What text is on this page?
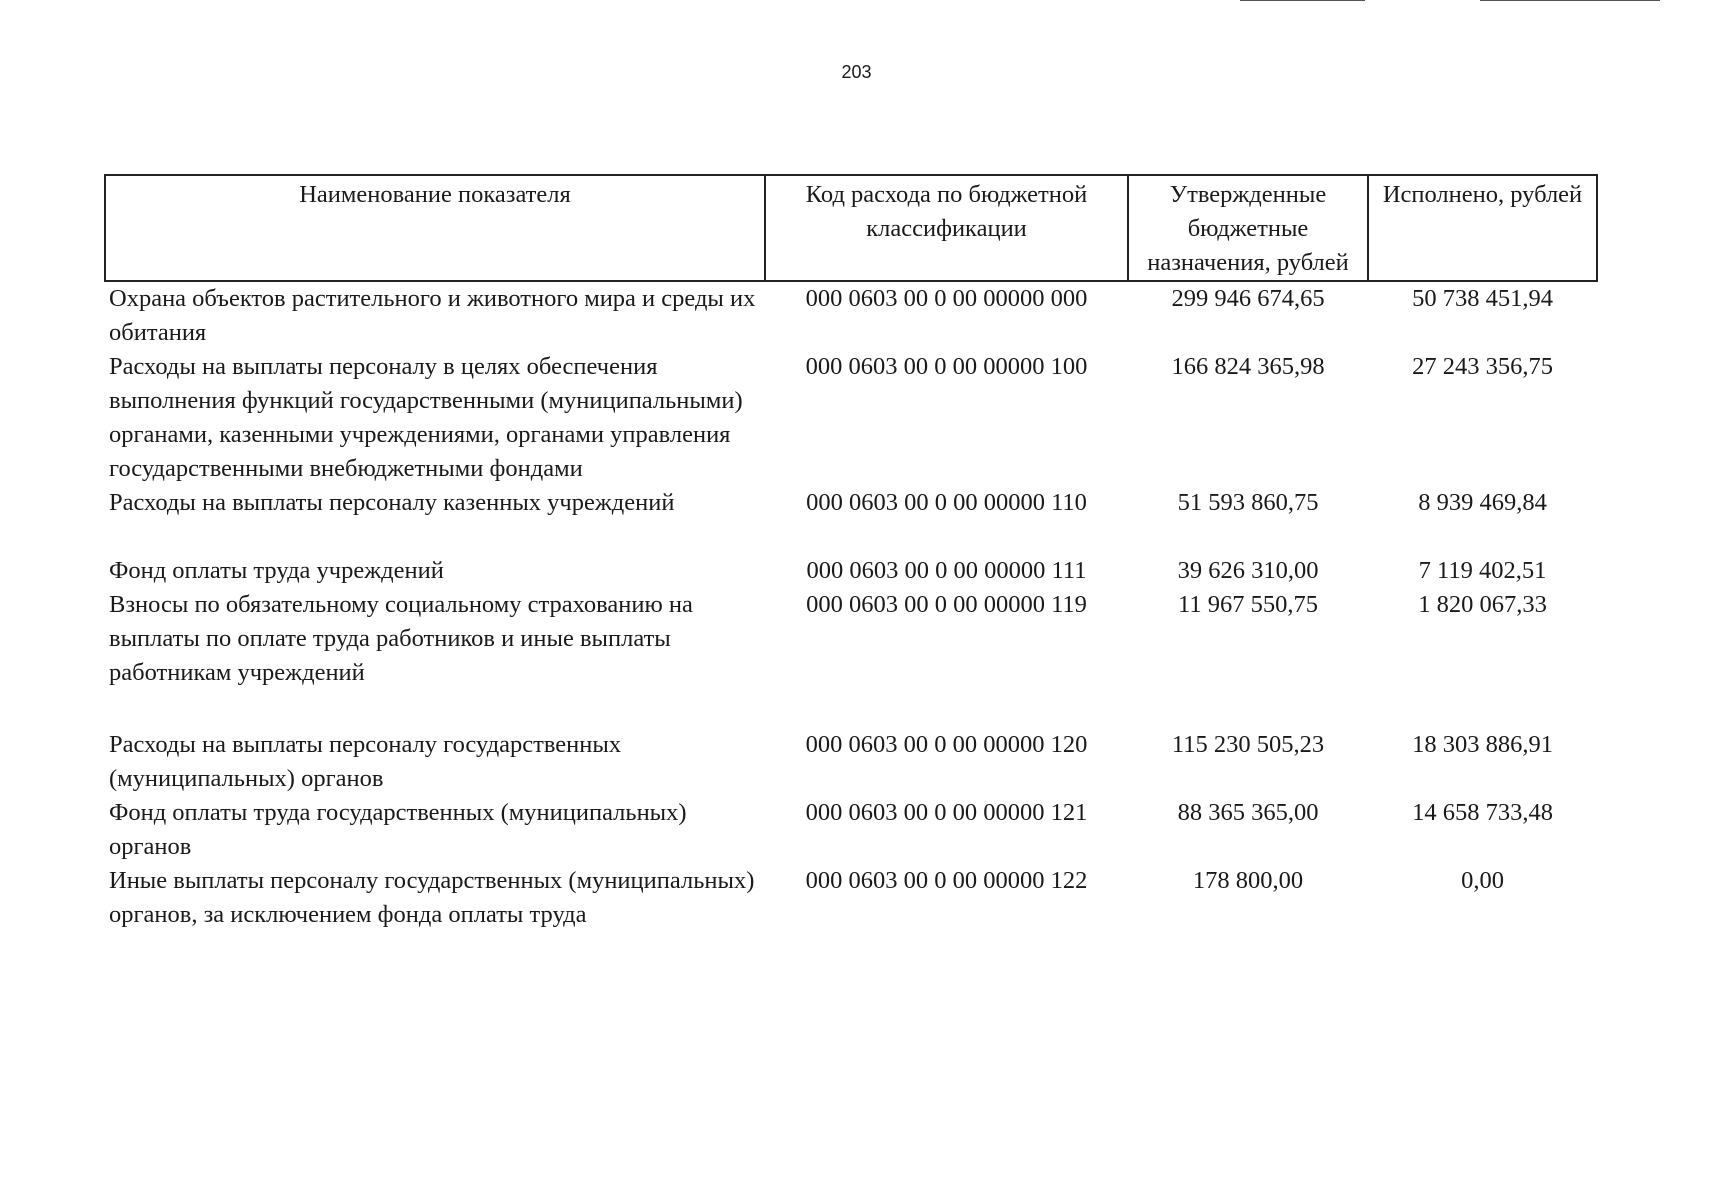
203
Наименование показателя	Код расхода по бюджетной классификации	Утвержденные бюджетные назначения, рублей	Исполнено, рублей
Охрана объектов растительного и животного мира и среды их обитания	000 0603 00 0 00 00000 000	299 946 674,65	50 738 451,94
Расходы на выплаты персоналу в целях обеспечения выполнения функций государственными (муниципальными) органами, казенными учреждениями, органами управления государственными внебюджетными фондами	000 0603 00 0 00 00000 100	166 824 365,98	27 243 356,75
Расходы на выплаты персоналу казенных учреждений	000 0603 00 0 00 00000 110	51 593 860,75	8 939 469,84
Фонд оплаты труда учреждений	000 0603 00 0 00 00000 111	39 626 310,00	7 119 402,51
Взносы по обязательному социальному страхованию на выплаты по оплате труда работников и иные выплаты работникам учреждений	000 0603 00 0 00 00000 119	11 967 550,75	1 820 067,33
Расходы на выплаты персоналу государственных (муниципальных) органов	000 0603 00 0 00 00000 120	115 230 505,23	18 303 886,91
Фонд оплаты труда государственных (муниципальных) органов	000 0603 00 0 00 00000 121	88 365 365,00	14 658 733,48
Иные выплаты персоналу государственных (муниципальных) органов, за исключением фонда оплаты труда	000 0603 00 0 00 00000 122	178 800,00	0,00
